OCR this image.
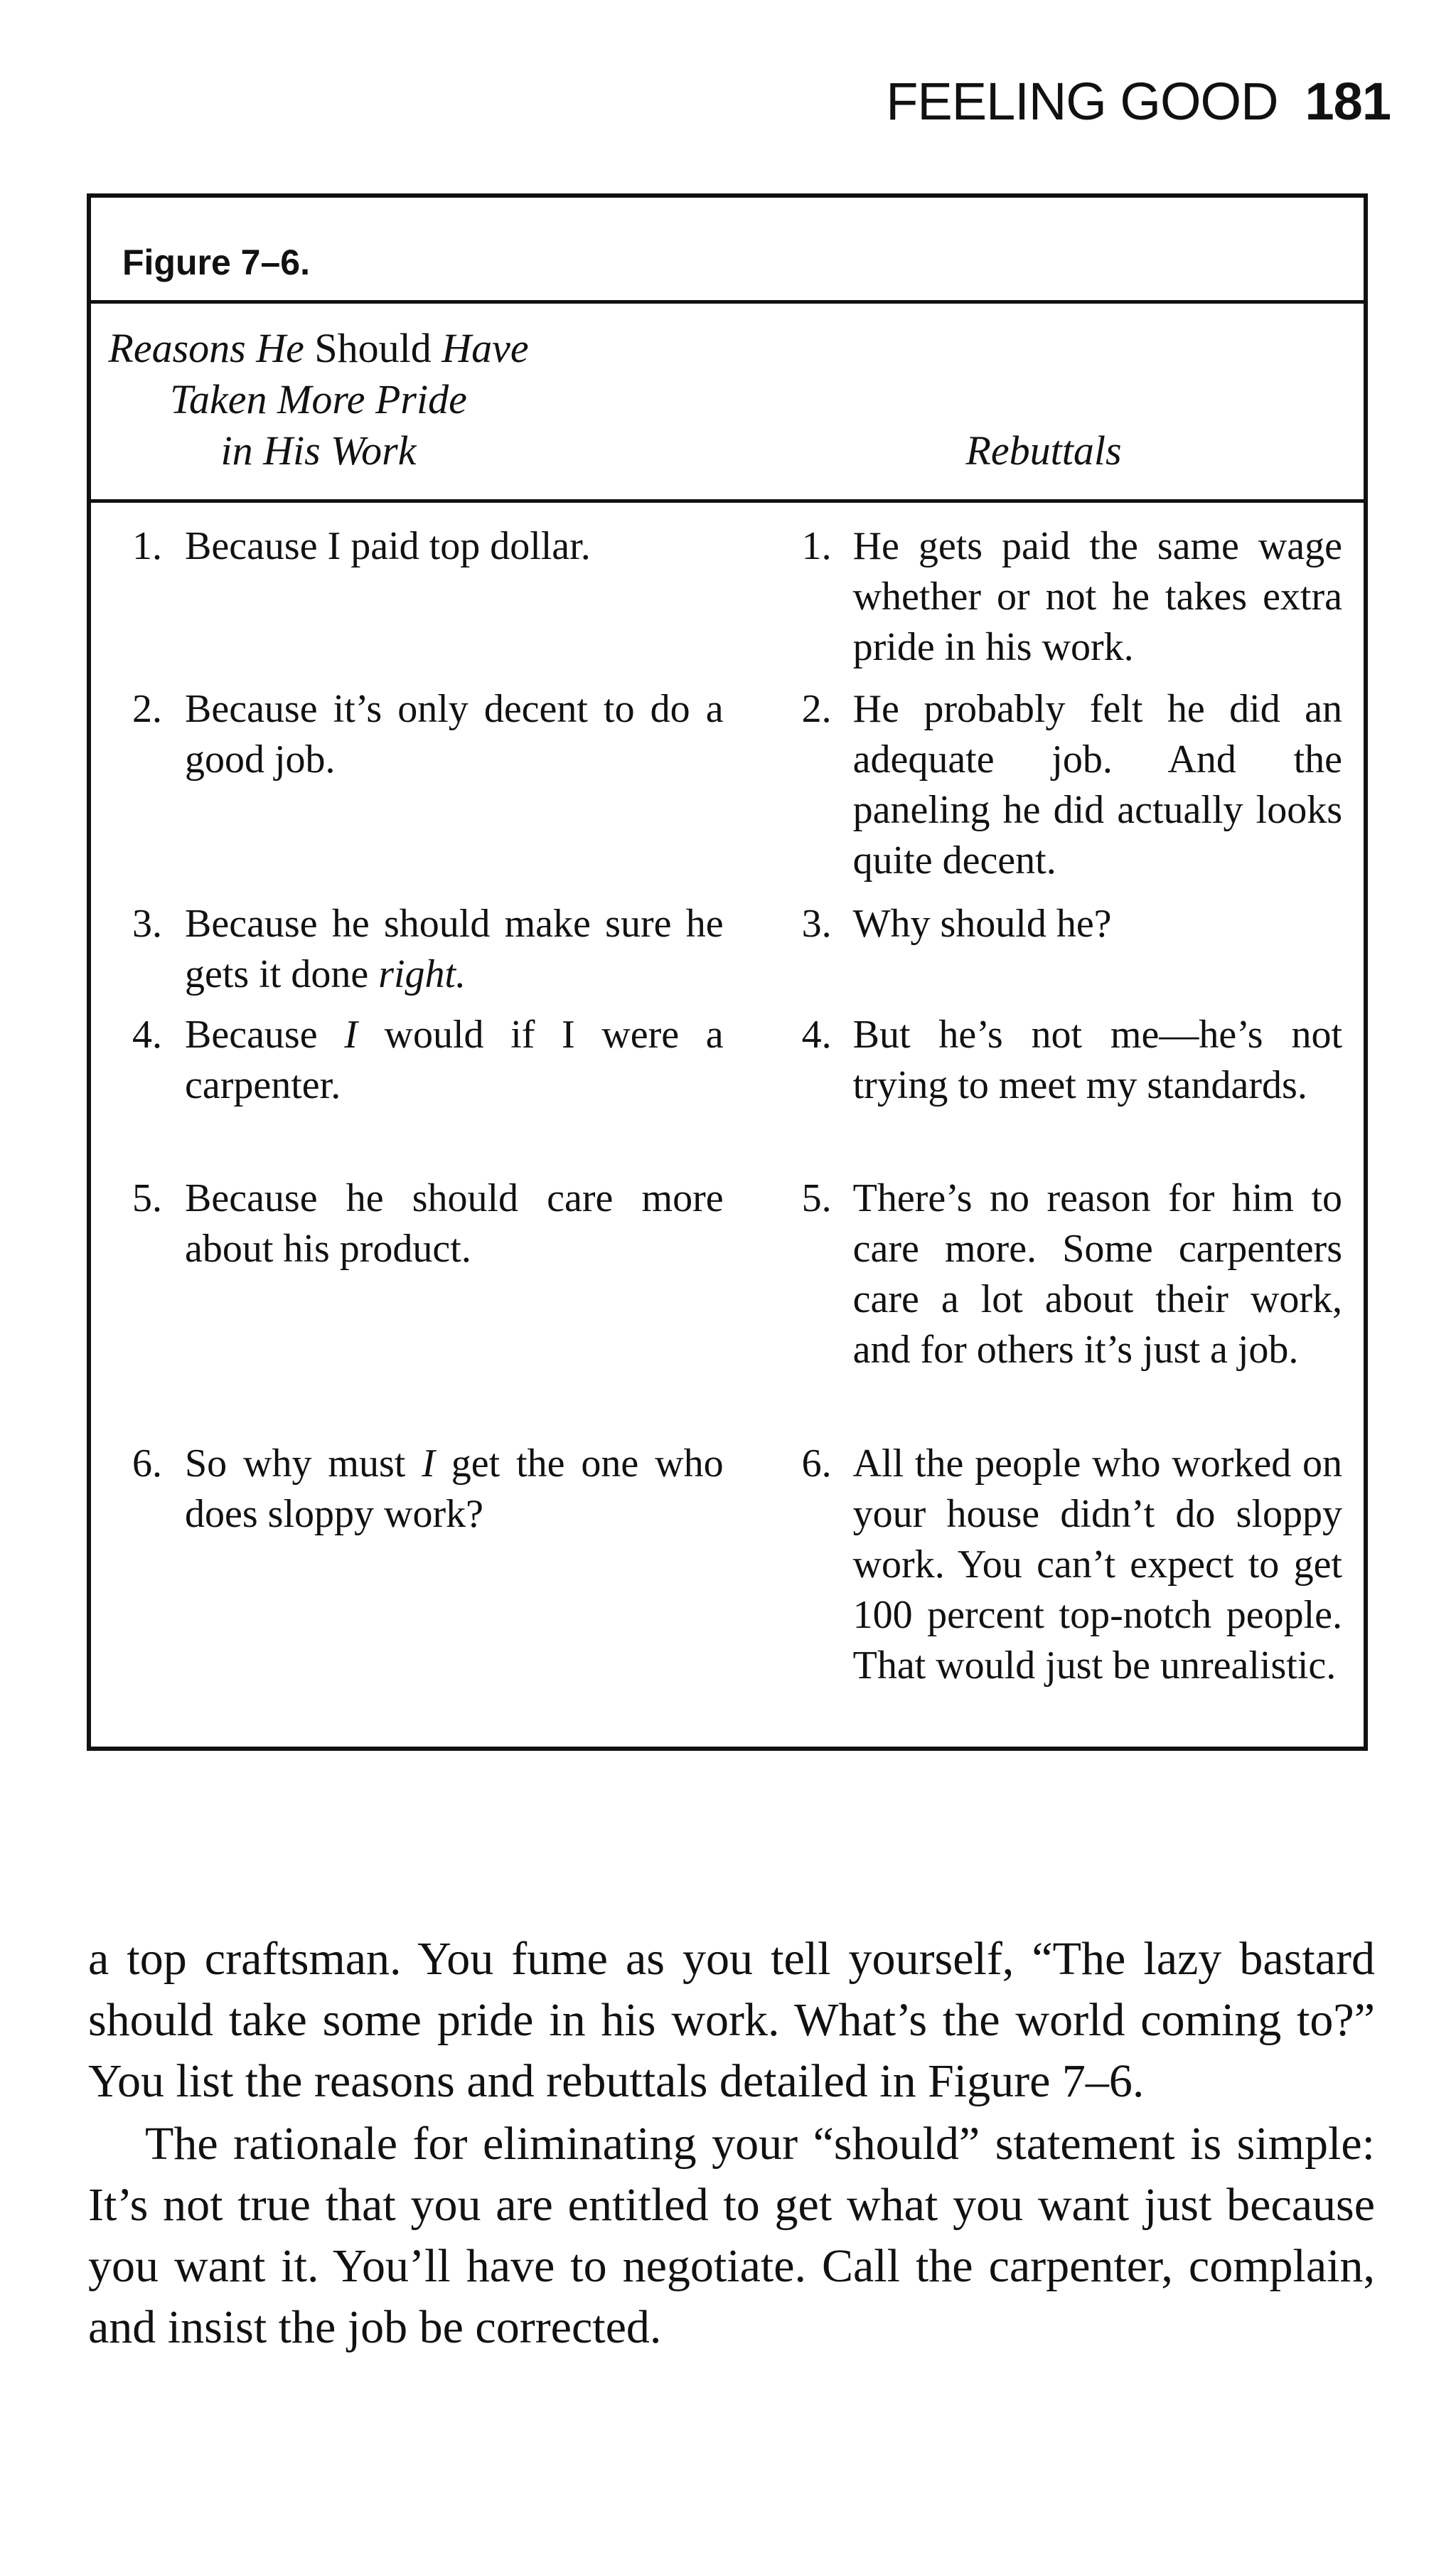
FEELING GOOD 181
Figure 7–6.
Reasons He Should Have
Taken More Pride
in His Work	Rebuttals
1. Because I paid top dollar.	1. He gets paid the same wage whether or not he takes extra pride in his work.
2. Because it’s only decent to do a good job.
2. He probably felt he did an adequate job. And the paneling he did actually looks quite decent.
3. Because he should make sure he gets it done right.
3. Why should he?
4. Because I would if I were a carpenter.
4. But he’s not me—he’s not trying to meet my standards.
5. Because he should care more about his product.
5. There’s no reason for him to care more. Some carpenters care a lot about their work, and for others it’s just a job.
6. So why must I get the one who does sloppy work?
6. All the people who worked on your house didn’t do sloppy work. You can’t expect to get 100 percent top-notch people. That would just be unrealistic.

a top craftsman. You fume as you tell yourself, “The lazy bastard should take some pride in his work. What’s the world coming to?” You list the reasons and rebuttals detailed in Figure 7–6.

The rationale for eliminating your “should” statement is simple: It’s not true that you are entitled to get what you want just because you want it. You’ll have to negotiate. Call the carpenter, complain, and insist the job be corrected.
